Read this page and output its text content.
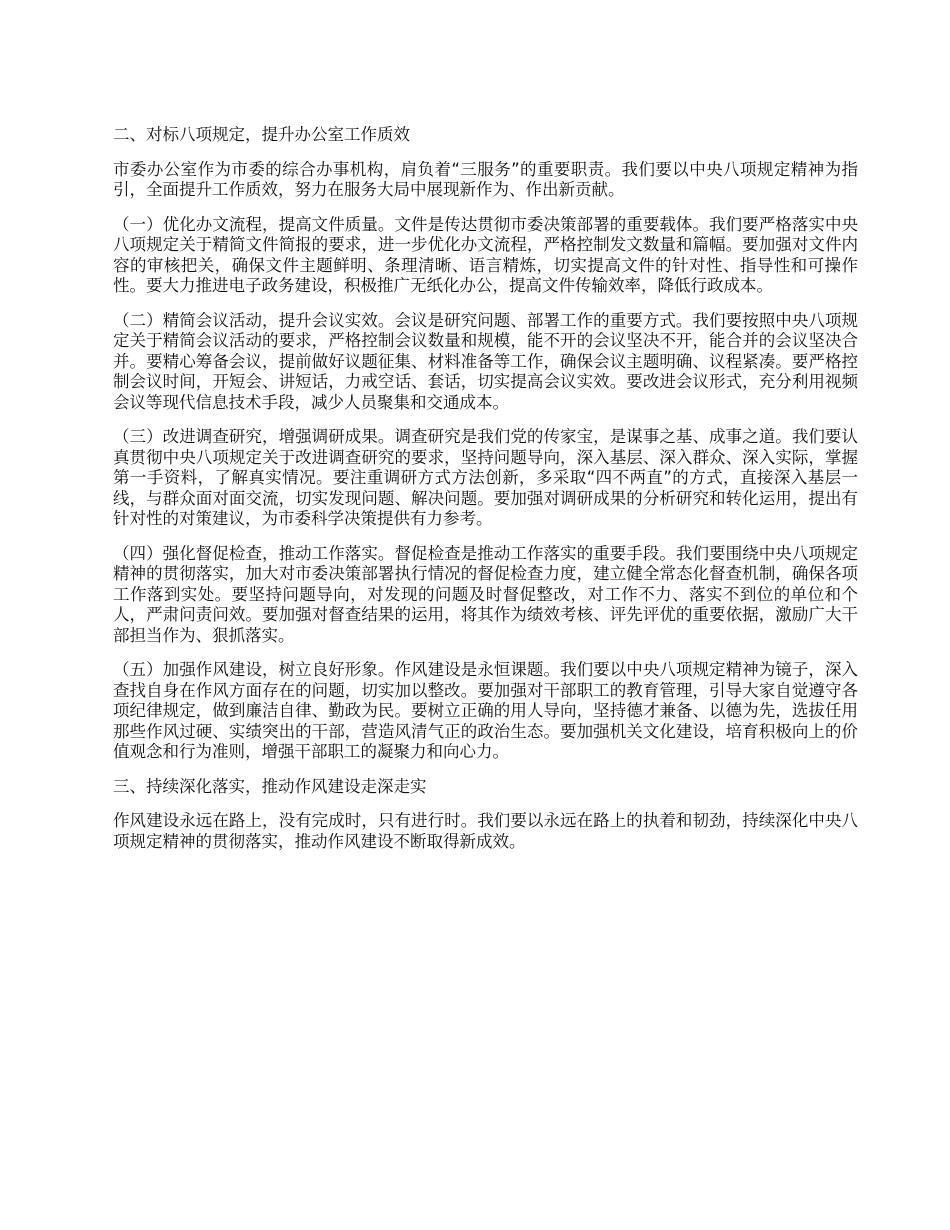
二、对标八项规定，提升办公室工作质效

市委办公室作为市委的综合办事机构，肩负着“三服务”的重要职责。我们要以中央八项规定精神为指引，全面提升工作质效，努力在服务大局中展现新作为、作出新贡献。

（一）优化办文流程，提高文件质量。文件是传达贯彻市委决策部署的重要载体。我们要严格落实中央八项规定关于精简文件简报的要求，进一步优化办文流程，严格控制发文数量和篇幅。要加强对文件内容的审核把关，确保文件主题鲜明、条理清晰、语言精炼，切实提高文件的针对性、指导性和可操作性。要大力推进电子政务建设，积极推广无纸化办公，提高文件传输效率，降低行政成本。

（二）精简会议活动，提升会议实效。会议是研究问题、部署工作的重要方式。我们要按照中央八项规定关于精简会议活动的要求，严格控制会议数量和规模，能不开的会议坚决不开，能合并的会议坚决合并。要精心筹备会议，提前做好议题征集、材料准备等工作，确保会议主题明确、议程紧凑。要严格控制会议时间，开短会、讲短话，力戒空话、套话，切实提高会议实效。要改进会议形式，充分利用视频会议等现代信息技术手段，减少人员聚集和交通成本。

（三）改进调查研究，增强调研成果。调查研究是我们党的传家宝，是谋事之基、成事之道。我们要认真贯彻中央八项规定关于改进调查研究的要求，坚持问题导向，深入基层、深入群众、深入实际，掌握第一手资料，了解真实情况。要注重调研方式方法创新，多采取“四不两直”的方式，直接深入基层一线，与群众面对面交流，切实发现问题、解决问题。要加强对调研成果的分析研究和转化运用，提出有针对性的对策建议，为市委科学决策提供有力参考。

（四）强化督促检查，推动工作落实。督促检查是推动工作落实的重要手段。我们要围绕中央八项规定精神的贯彻落实，加大对市委决策部署执行情况的督促检查力度，建立健全常态化督查机制，确保各项工作落到实处。要坚持问题导向，对发现的问题及时督促整改，对工作不力、落实不到位的单位和个人，严肃问责问效。要加强对督查结果的运用，将其作为绩效考核、评先评优的重要依据，激励广大干部担当作为、狠抓落实。

（五）加强作风建设，树立良好形象。作风建设是永恒课题。我们要以中央八项规定精神为镜子，深入查找自身在作风方面存在的问题，切实加以整改。要加强对干部职工的教育管理，引导大家自觉遵守各项纪律规定，做到廉洁自律、勤政为民。要树立正确的用人导向，坚持德才兼备、以德为先，选拔任用那些作风过硬、实绩突出的干部，营造风清气正的政治生态。要加强机关文化建设，培育积极向上的价值观念和行为准则，增强干部职工的凝聚力和向心力。

三、持续深化落实，推动作风建设走深走实

作风建设永远在路上，没有完成时，只有进行时。我们要以永远在路上的执着和韧劲，持续深化中央八项规定精神的贯彻落实，推动作风建设不断取得新成效。
